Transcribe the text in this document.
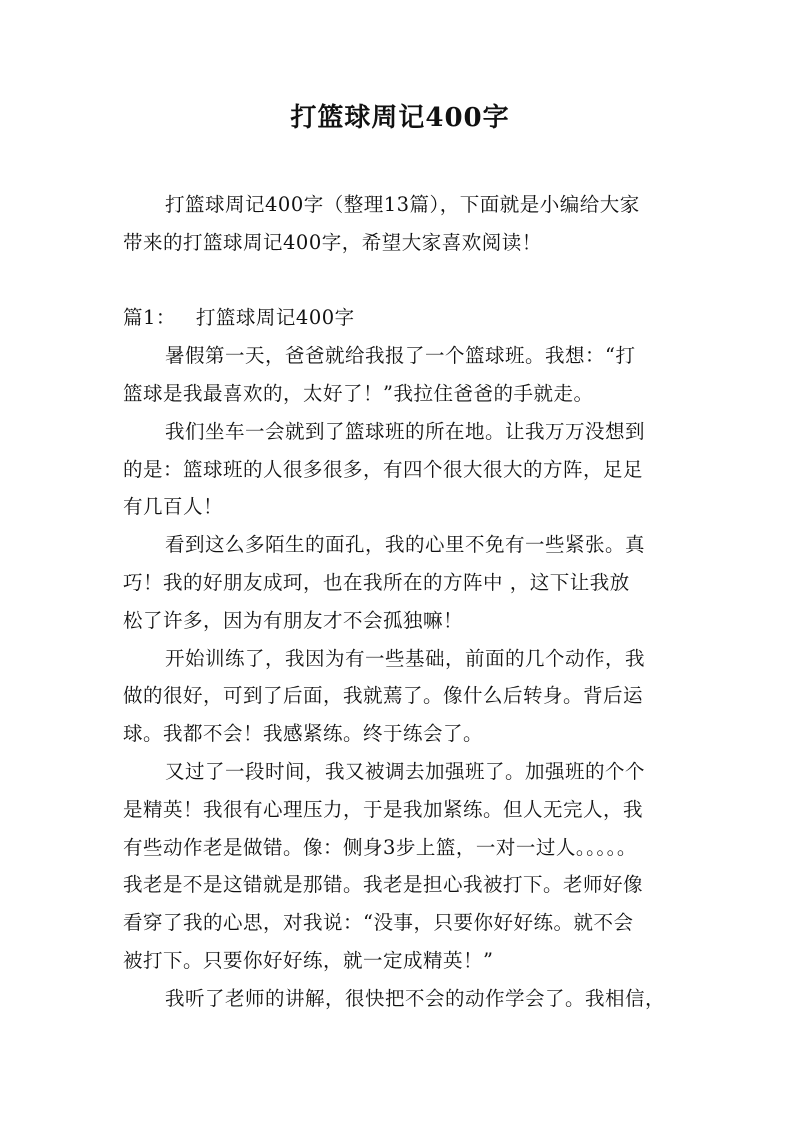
打篮球周记400字
打篮球周记400字（整理13篇），下面就是小编给大家
带来的打篮球周记400字，希望大家喜欢阅读！
篇1： 打篮球周记400字
暑假第一天，爸爸就给我报了一个篮球班。我想：“打
篮球是我最喜欢的，太好了！”我拉住爸爸的手就走。
我们坐车一会就到了篮球班的所在地。让我万万没想到
的是：篮球班的人很多很多，有四个很大很大的方阵，足足
有几百人！
看到这么多陌生的面孔，我的心里不免有一些紧张。真
巧！我的好朋友成珂，也在我所在的方阵中 ，这下让我放
松了许多，因为有朋友才不会孤独嘛！
开始训练了，我因为有一些基础，前面的几个动作，我
做的很好，可到了后面，我就蔫了。像什么后转身。背后运
球。我都不会！我感紧练。终于练会了。
又过了一段时间，我又被调去加强班了。加强班的个个
是精英！我很有心理压力，于是我加紧练。但人无完人，我
有些动作老是做错。像：侧身3步上篮，一对一过人。。。。。
我老是不是这错就是那错。我老是担心我被打下。老师好像
看穿了我的心思，对我说：“没事，只要你好好练。就不会
被打下。只要你好好练，就一定成精英！”
我听了老师的讲解，很快把不会的动作学会了。我相信，
